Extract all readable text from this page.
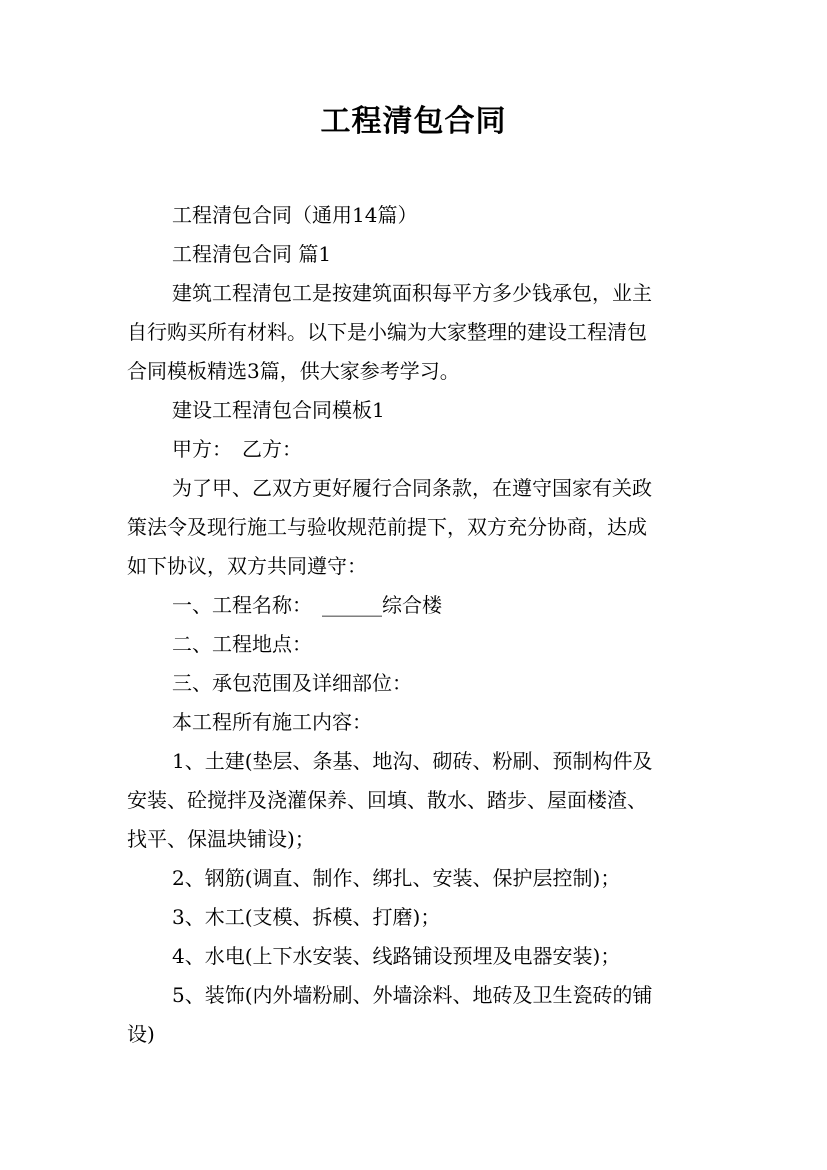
工程清包合同
工程清包合同（通用14篇）
工程清包合同 篇1
建筑工程清包工是按建筑面积每平方多少钱承包，业主
自行购买所有材料。以下是小编为大家整理的建设工程清包
合同模板精选3篇，供大家参考学习。
建设工程清包合同模板1
甲方：　乙方：
为了甲、乙双方更好履行合同条款，在遵守国家有关政
策法令及现行施工与验收规范前提下，双方充分协商，达成
如下协议，双方共同遵守：
一、工程名称：　______综合楼
二、工程地点：
三、承包范围及详细部位：
本工程所有施工内容：
1、土建(垫层、条基、地沟、砌砖、粉刷、预制构件及
安装、砼搅拌及浇灌保养、回填、散水、踏步、屋面楼渣、
找平、保温块铺设)；
2、钢筋(调直、制作、绑扎、安装、保护层控制)；
3、木工(支模、拆模、打磨)；
4、水电(上下水安装、线路铺设预埋及电器安装)；
5、装饰(内外墙粉刷、外墙涂料、地砖及卫生瓷砖的铺
设)
